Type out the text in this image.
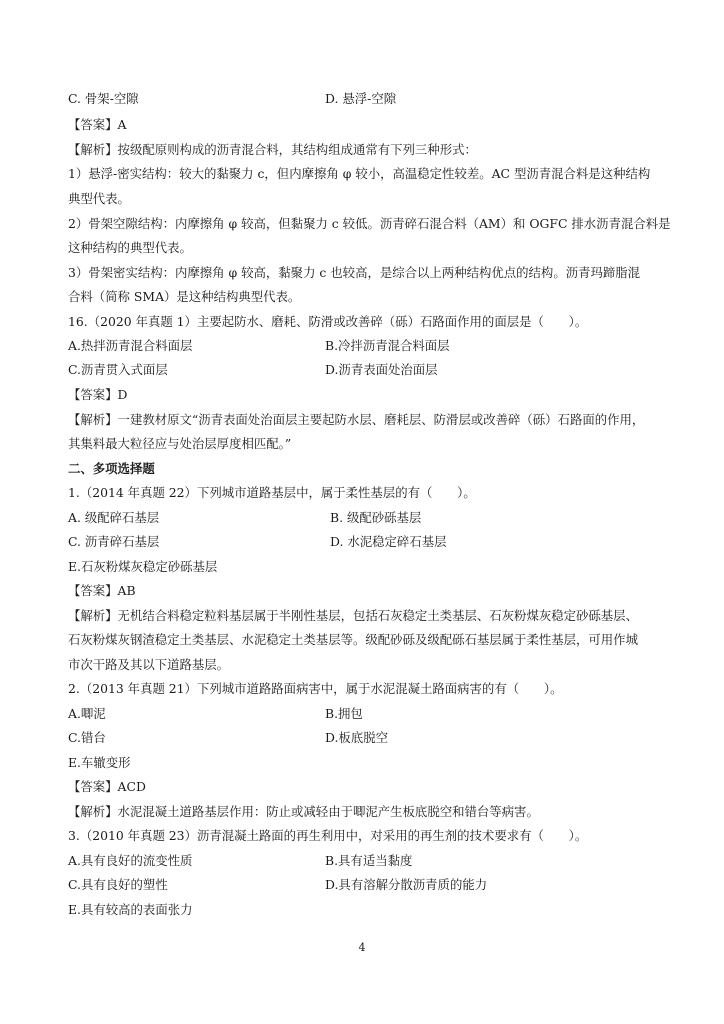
C. 骨架-空隙	D. 悬浮-空隙
【答案】A
【解析】按级配原则构成的沥青混合料，其结构组成通常有下列三种形式：
1）悬浮-密实结构：较大的黏聚力 c，但内摩擦角 φ 较小，高温稳定性较差。AC 型沥青混合料是这种结构
典型代表。
2）骨架空隙结构：内摩擦角 φ 较高，但黏聚力 c 较低。沥青碎石混合料（AM）和 OGFC 排水沥青混合料是
这种结构的典型代表。
3）骨架密实结构：内摩擦角 φ 较高，黏聚力 c 也较高，是综合以上两种结构优点的结构。沥青玛蹄脂混
合料（简称 SMA）是这种结构典型代表。
16.（2020 年真题 1）主要起防水、磨耗、防滑或改善碎（砾）石路面作用的面层是（　　）。
A.热拌沥青混合料面层	B.冷拌沥青混合料面层
C.沥青贯入式面层	D.沥青表面处治面层
【答案】D
【解析】一建教材原文“沥青表面处治面层主要起防水层、磨耗层、防滑层或改善碎（砾）石路面的作用，
其集料最大粒径应与处治层厚度相匹配。”
二、多项选择题
1.（2014 年真题 22）下列城市道路基层中，属于柔性基层的有（　　）。
A. 级配碎石基层	B. 级配砂砾基层
C. 沥青碎石基层	D. 水泥稳定碎石基层
E.石灰粉煤灰稳定砂砾基层
【答案】AB
【解析】无机结合料稳定粒料基层属于半刚性基层，包括石灰稳定土类基层、石灰粉煤灰稳定砂砾基层、
石灰粉煤灰钢渣稳定土类基层、水泥稳定土类基层等。级配砂砾及级配砾石基层属于柔性基层，可用作城
市次干路及其以下道路基层。
2.（2013 年真题 21）下列城市道路路面病害中，属于水泥混凝土路面病害的有（　　）。
A.唧泥	B.拥包
C.错台	D.板底脱空
E.车辙变形
【答案】ACD
【解析】水泥混凝土道路基层作用：防止或减轻由于唧泥产生板底脱空和错台等病害。
3.（2010 年真题 23）沥青混凝土路面的再生利用中，对采用的再生剂的技术要求有（　　）。
A.具有良好的流变性质	B.具有适当黏度
C.具有良好的塑性	D.具有溶解分散沥青质的能力
E.具有较高的表面张力
4
